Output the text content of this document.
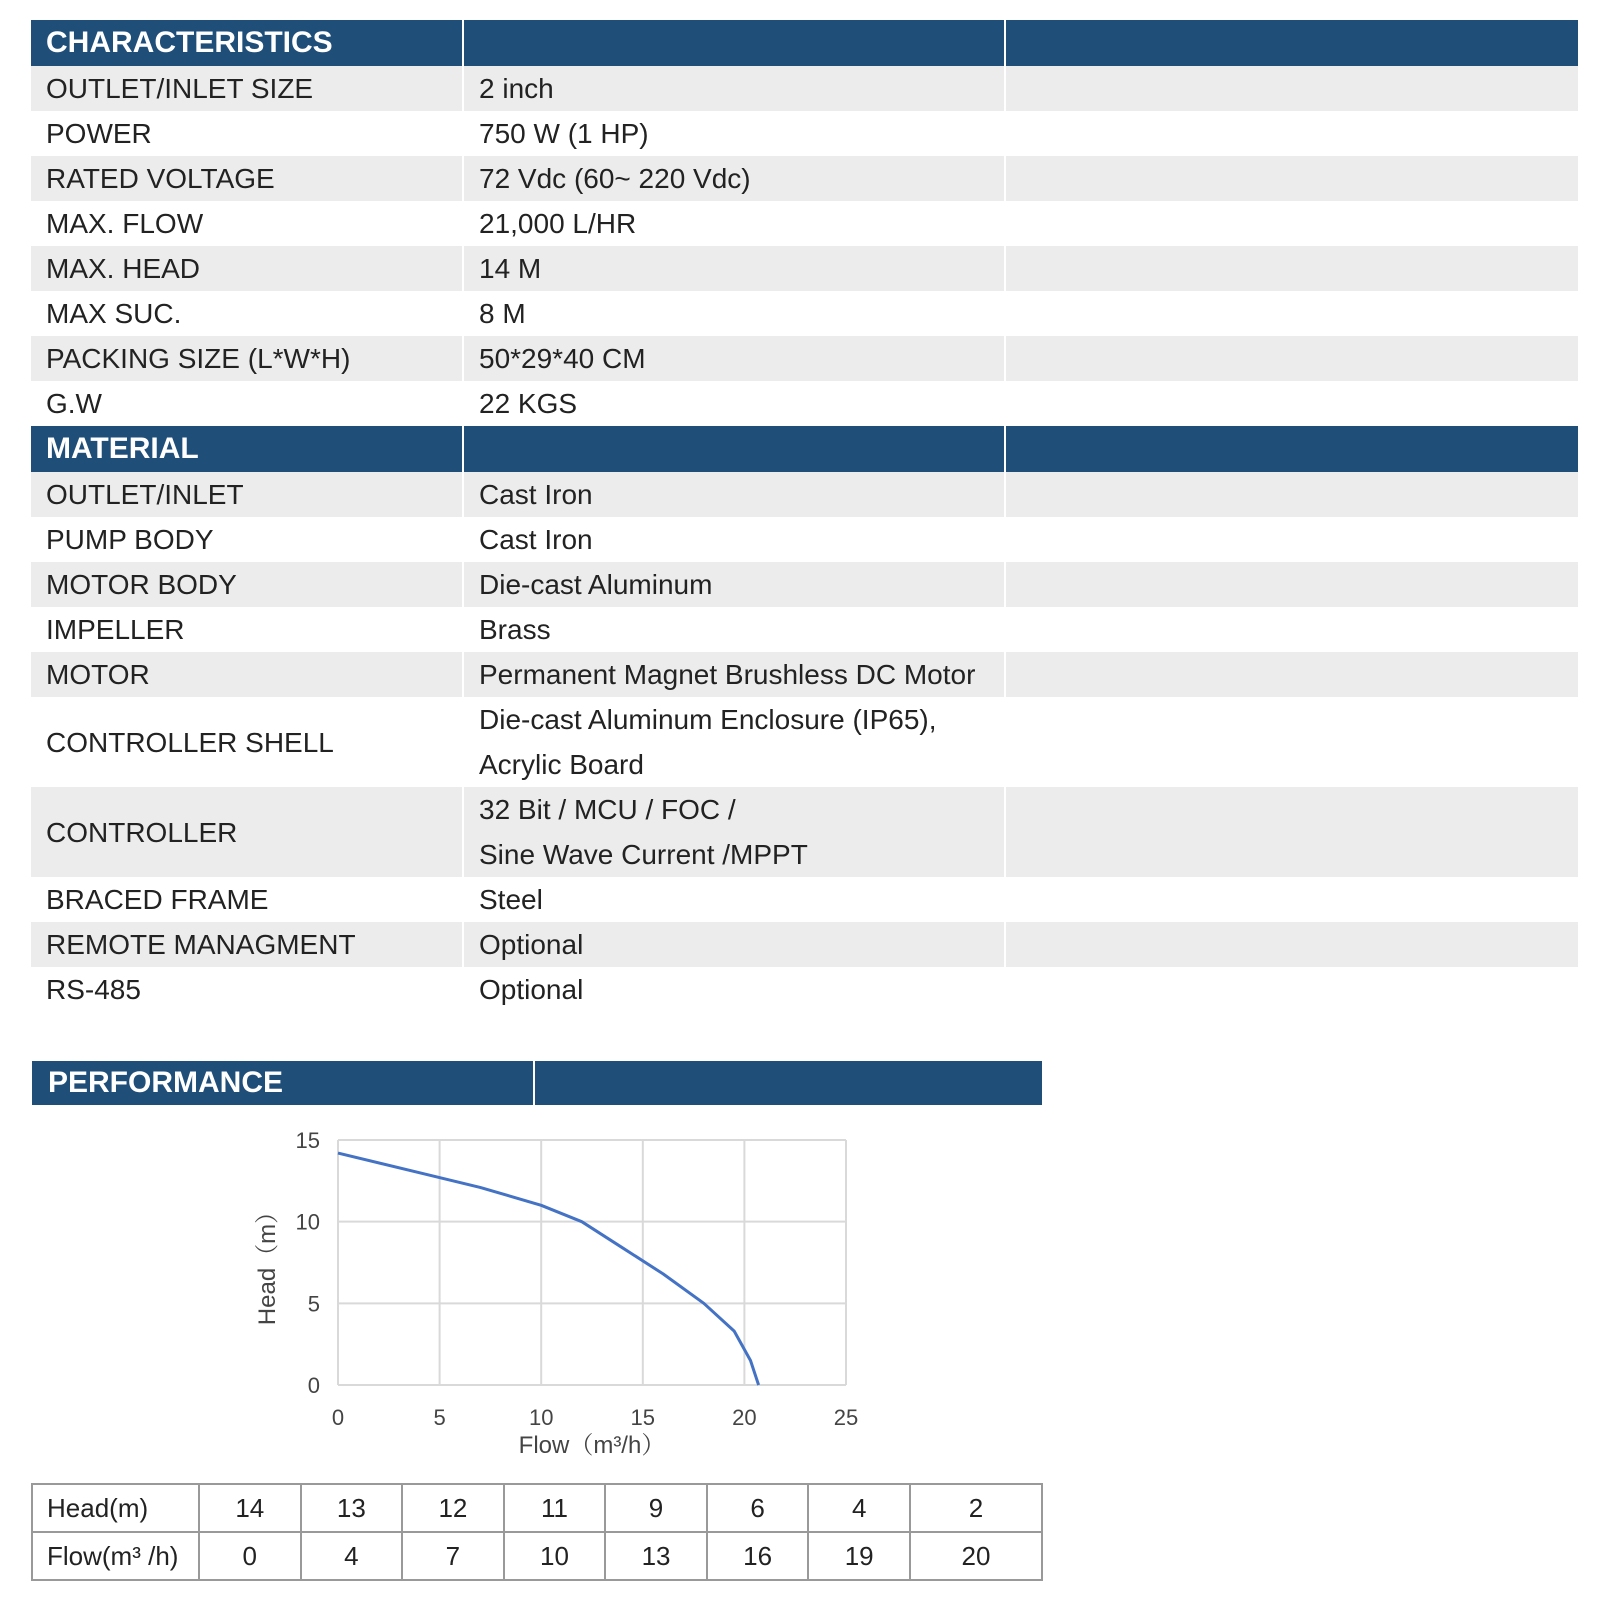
CHARACTERISTICS		
OUTLET/INLET SIZE	2 inch	
POWER	750 W (1 HP)	
RATED VOLTAGE	72 Vdc (60~ 220 Vdc)	
MAX. FLOW	21,000 L/HR	
MAX. HEAD	14 M	
MAX SUC.	8 M	
PACKING SIZE (L*W*H)	50*29*40 CM	
G.W	22 KGS	
MATERIAL		
OUTLET/INLET	Cast Iron	
PUMP BODY	Cast Iron	
MOTOR BODY	Die-cast Aluminum	
IMPELLER	Brass	
MOTOR	Permanent Magnet Brushless DC Motor	
CONTROLLER SHELL	Die-cast Aluminum Enclosure (IP65),
Acrylic Board	

CONTROLLER	32 Bit / MCU / FOC /
Sine Wave Current /MPPT	

BRACED FRAME	Steel	
REMOTE MANAGMENT	Optional	
RS-485	Optional	
PERFORMANCE
0	5	10	15	20	25
0
5
10
15
Flow（m³/h）
Head（m）
Head(m)	14	13	12	11	9	6	4	2
Flow(m³ /h)	0	4	7	10	13	16	19	20
